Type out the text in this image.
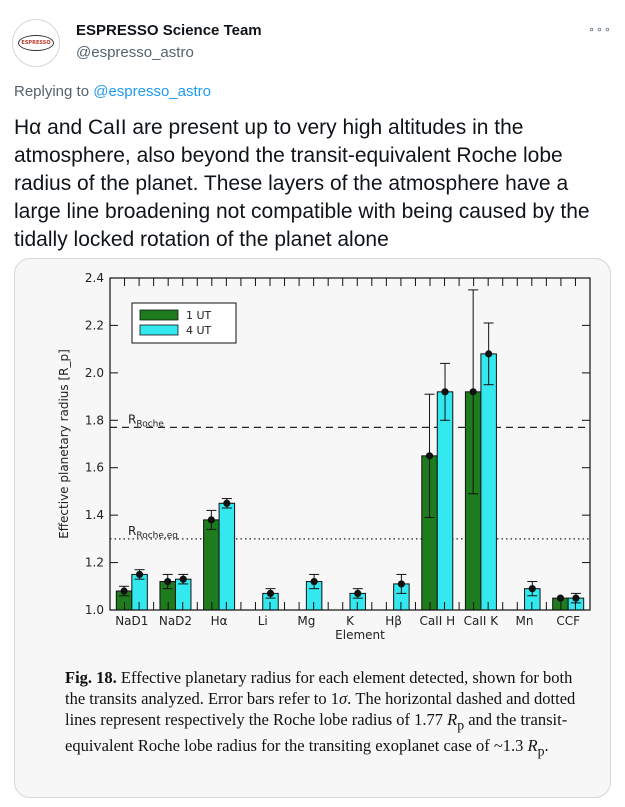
ESPRESSO
ESPRESSO Science Team
@espresso_astro
∘∘∘
Replying to @espresso_astro
Hα and CaII are present up to very high altitudes in the
atmosphere, also beyond the transit-equivalent Roche lobe
radius of the planet. These layers of the atmosphere have a
large line broadening not compatible with being caused by the
tidally locked rotation of the planet alone
$R_{Roche}$
$R_{Roche,eq}$
1.0
1.2
1.4
1.6
1.8
2.0
2.2
2.4
NaD1 NaD2 Hα	Li Mg	K	Hβ CaII H CaII K Mn CCF
Element
Effective planetary radius [R_p]
1 UT
4 UT
Fig. 18. Effective planetary radius for each element detected, shown for both the transits analyzed. Error bars refer to 1σ. The horizontal dashed and dotted lines represent respectively the Roche lobe radius of 1.77 $R_p$ and the transit-equivalent Roche lobe radius for the transiting exoplanet case of ~1.3 $R_p$.
